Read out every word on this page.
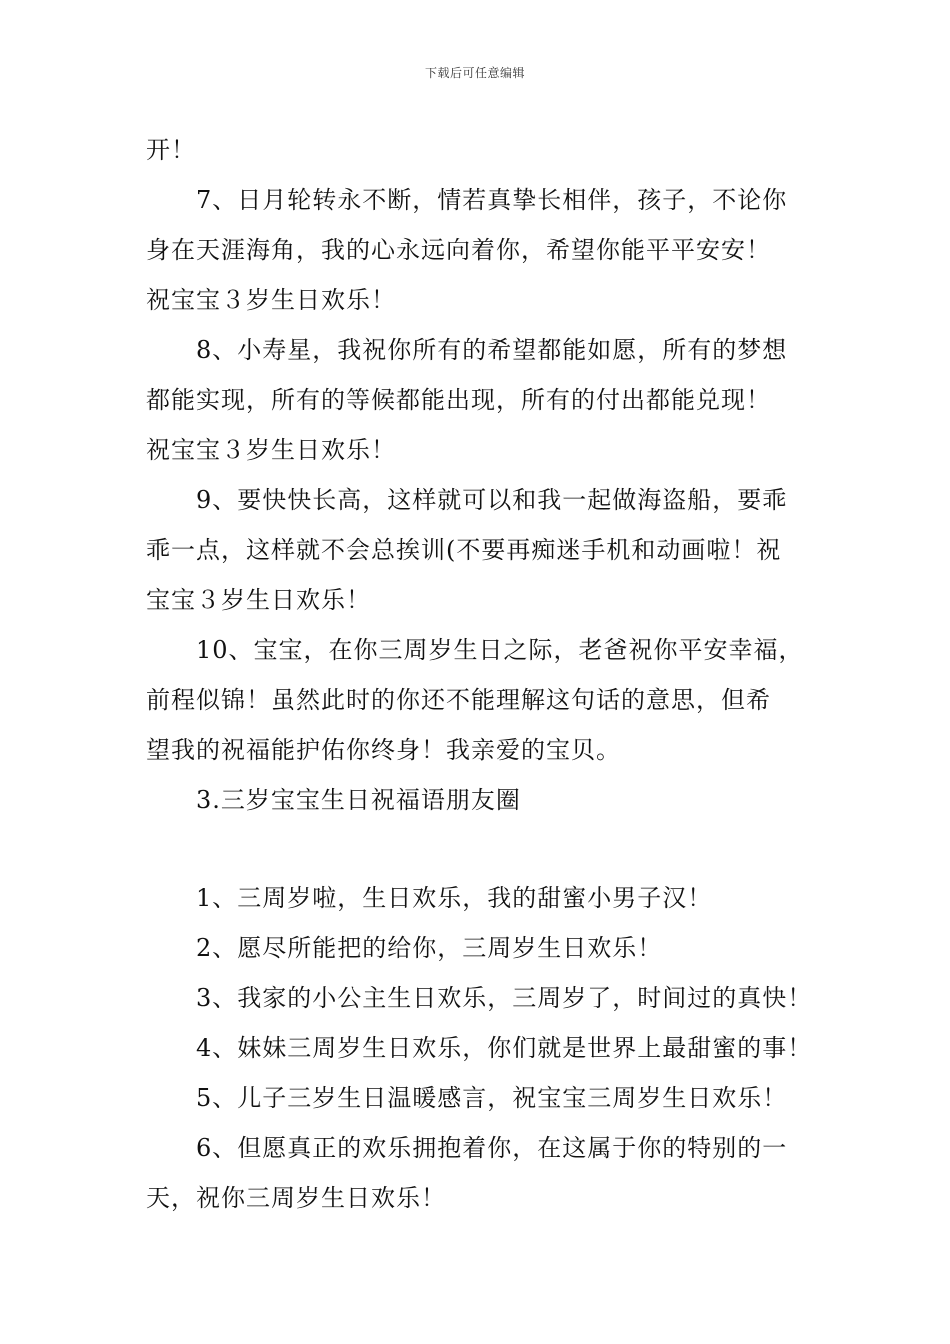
下载后可任意编辑
开！
7、日月轮转永不断，情若真挚长相伴，孩子，不论你
身在天涯海角，我的心永远向着你，希望你能平平安安！
祝宝宝３岁生日欢乐！
8、小寿星，我祝你所有的希望都能如愿，所有的梦想
都能实现，所有的等候都能出现，所有的付出都能兑现！
祝宝宝３岁生日欢乐！
9、要快快长高，这样就可以和我一起做海盗船，要乖
乖一点，这样就不会总挨训(不要再痴迷手机和动画啦！祝
宝宝３岁生日欢乐！
10、宝宝，在你三周岁生日之际，老爸祝你平安幸福，
前程似锦！虽然此时的你还不能理解这句话的意思，但希
望我的祝福能护佑你终身！我亲爱的宝贝。
3.三岁宝宝生日祝福语朋友圈
1、三周岁啦，生日欢乐，我的甜蜜小男子汉！
2、愿尽所能把的给你，三周岁生日欢乐！
3、我家的小公主生日欢乐，三周岁了，时间过的真快！
4、妹妹三周岁生日欢乐，你们就是世界上最甜蜜的事！
5、儿子三岁生日温暖感言，祝宝宝三周岁生日欢乐！
6、但愿真正的欢乐拥抱着你，在这属于你的特别的一
天，祝你三周岁生日欢乐！
